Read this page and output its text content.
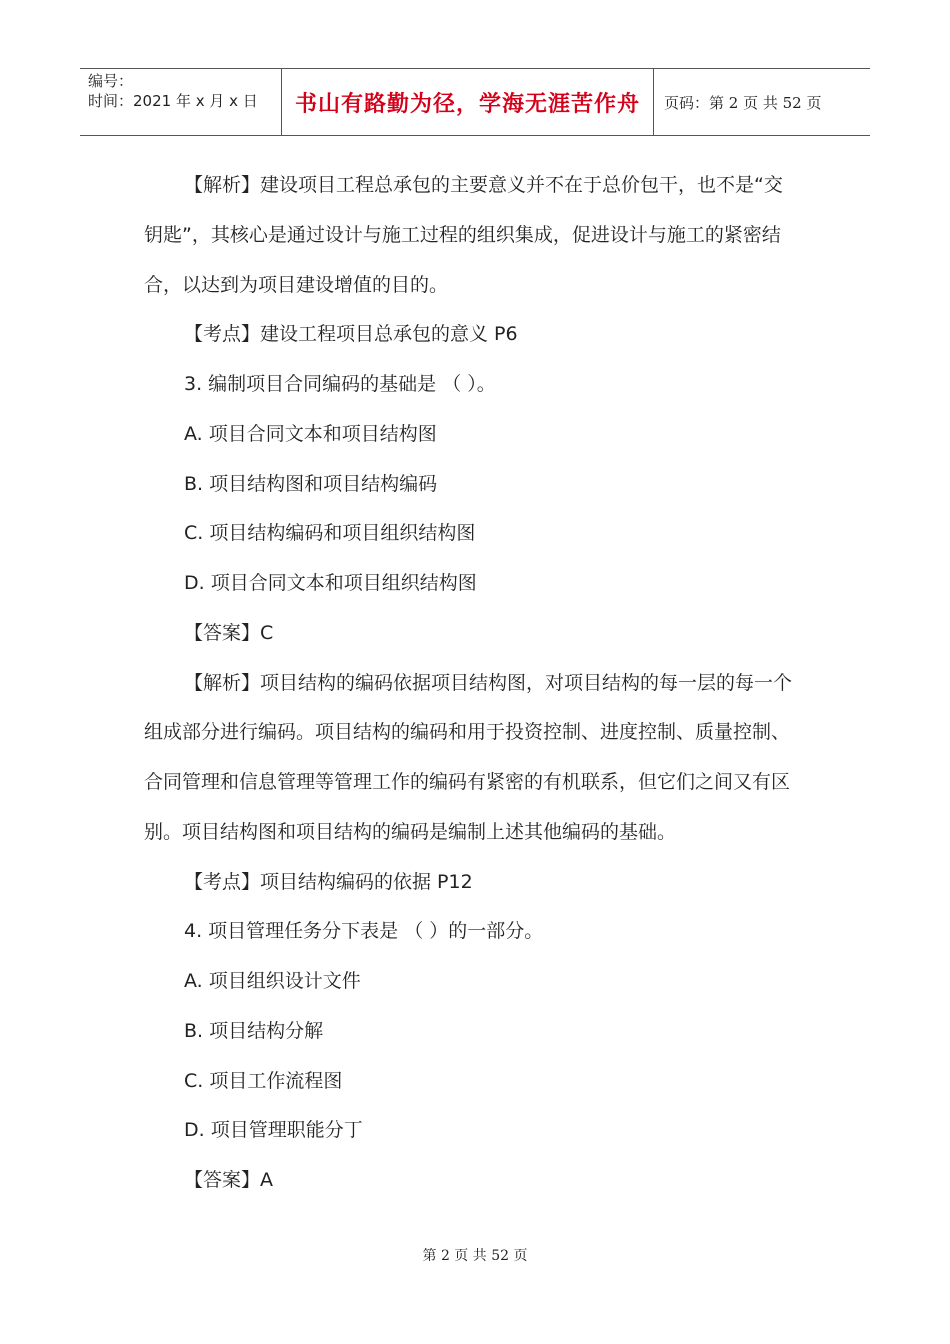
编号：
时间：2021 年 x 月 x 日	书山有路勤为径，学海无涯苦作舟 页码：第 2 页 共 52 页
【解析】建设项目工程总承包的主要意义并不在于总价包干，也不是“交
钥匙”，其核心是通过设计与施工过程的组织集成，促进设计与施工的紧密结
合，以达到为项目建设增值的目的。
【考点】建设工程项目总承包的意义 P6
3. 编制项目合同编码的基础是 （ ）。
A. 项目合同文本和项目结构图
B. 项目结构图和项目结构编码
C. 项目结构编码和项目组织结构图
D. 项目合同文本和项目组织结构图
【答案】C
【解析】项目结构的编码依据项目结构图，对项目结构的每一层的每一个
组成部分进行编码。项目结构的编码和用于投资控制、进度控制、质量控制、
合同管理和信息管理等管理工作的编码有紧密的有机联系，但它们之间又有区
别。项目结构图和项目结构的编码是编制上述其他编码的基础。
【考点】项目结构编码的依据 P12
4. 项目管理任务分下表是 （ ）的一部分。
A. 项目组织设计文件
B. 项目结构分解
C. 项目工作流程图
D. 项目管理职能分丁
【答案】A
第 2 页 共 52 页
